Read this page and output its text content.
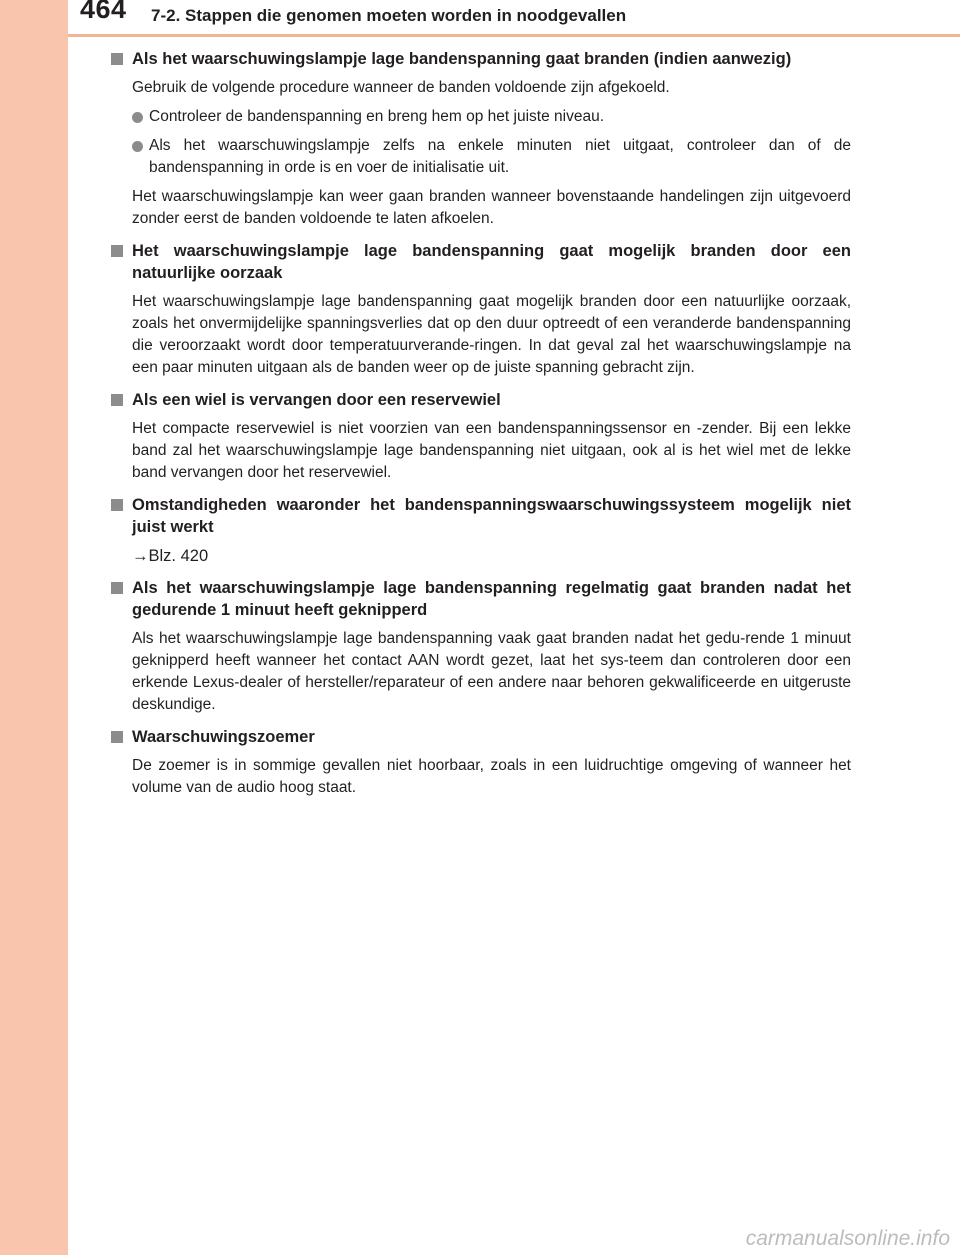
464 7-2. Stappen die genomen moeten worden in noodgevallen
Als het waarschuwingslampje lage bandenspanning gaat branden (indien aanwezig)
Gebruik de volgende procedure wanneer de banden voldoende zijn afgekoeld.
Controleer de bandenspanning en breng hem op het juiste niveau.
Als het waarschuwingslampje zelfs na enkele minuten niet uitgaat, controleer dan of de bandenspanning in orde is en voer de initialisatie uit.
Het waarschuwingslampje kan weer gaan branden wanneer bovenstaande handelingen zijn uitgevoerd zonder eerst de banden voldoende te laten afkoelen.
Het waarschuwingslampje lage bandenspanning gaat mogelijk branden door een natuurlijke oorzaak
Het waarschuwingslampje lage bandenspanning gaat mogelijk branden door een natuurlijke oorzaak, zoals het onvermijdelijke spanningsverlies dat op den duur optreedt of een veranderde bandenspanning die veroorzaakt wordt door temperatuurverande-ringen. In dat geval zal het waarschuwingslampje na een paar minuten uitgaan als de banden weer op de juiste spanning gebracht zijn.
Als een wiel is vervangen door een reservewiel
Het compacte reservewiel is niet voorzien van een bandenspanningssensor en -zender. Bij een lekke band zal het waarschuwingslampje lage bandenspanning niet uitgaan, ook al is het wiel met de lekke band vervangen door het reservewiel.
Omstandigheden waaronder het bandenspanningswaarschuwingssysteem mogelijk niet juist werkt
→Blz. 420
Als het waarschuwingslampje lage bandenspanning regelmatig gaat branden nadat het gedurende 1 minuut heeft geknipperd
Als het waarschuwingslampje lage bandenspanning vaak gaat branden nadat het gedu-rende 1 minuut geknipperd heeft wanneer het contact AAN wordt gezet, laat het sys-teem dan controleren door een erkende Lexus-dealer of hersteller/reparateur of een andere naar behoren gekwalificeerde en uitgeruste deskundige.
Waarschuwingszoemer
De zoemer is in sommige gevallen niet hoorbaar, zoals in een luidruchtige omgeving of wanneer het volume van de audio hoog staat.
carmanualsonline.info
